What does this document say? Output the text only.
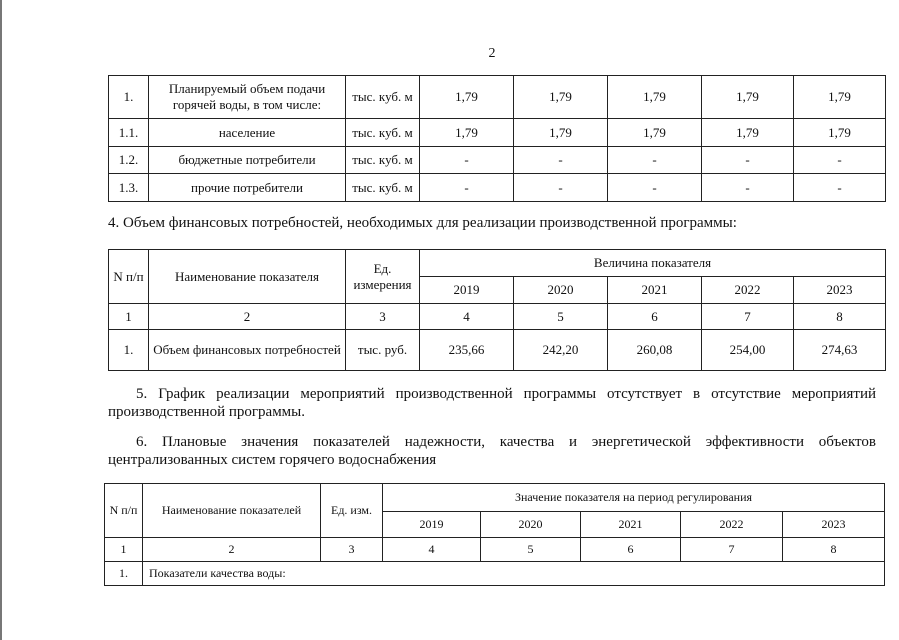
2
1.	Планируемый объем подачи горячей воды, в том числе:	тыс. куб. м	1,79	1,79	1,79	1,79	1,79
1.1.	население	тыс. куб. м	1,79	1,79	1,79	1,79	1,79
1.2.	бюджетные потребители	тыс. куб. м	-	-	-	-	-
1.3.	прочие потребители	тыс. куб. м	-	-	-	-	-
4. Объем финансовых потребностей, необходимых для реализации производственной программы:
N п/п	Наименование показателя	Ед. измерения	Величина показателя				
			2019	2020	2021	2022	2023
1	2	3	4	5	6	7	8
1.	Объем финансовых потребностей	тыс. руб.	235,66	242,20	260,08	254,00	274,63
5. График реализации мероприятий производственной программы отсутствует в отсутствие мероприятий
производственной программы.
6. Плановые значения показателей надежности, качества и энергетической эффективности объектов
централизованных систем горячего водоснабжения
N п/п	Наименование показателей	Ед. изм.	Значение показателя на период регулирования				
			2019	2020	2021	2022	2023
1	2	3	4	5	6	7	8
1.	Показатели качества воды:						
